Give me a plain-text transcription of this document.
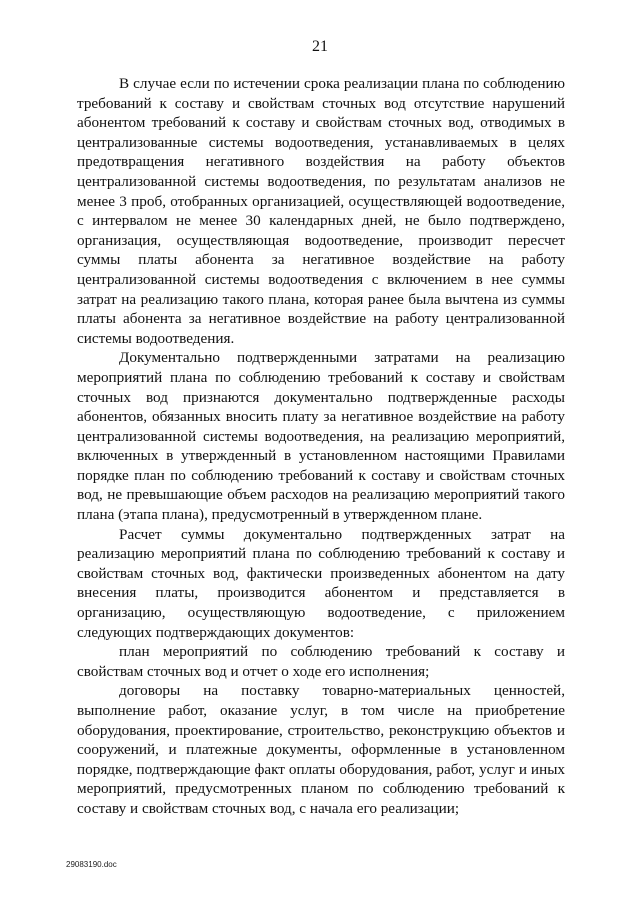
21

В случае если по истечении срока реализации плана по соблюдению требований к составу и свойствам сточных вод отсутствие нарушений абонентом требований к составу и свойствам сточных вод, отводимых в централизованные системы водоотведения, устанавливаемых в целях предотвращения негативного воздействия на работу объектов централизованной системы водоотведения, по результатам анализов не менее 3 проб, отобранных организацией, осуществляющей водоотведение, с интервалом не менее 30 календарных дней, не было подтверждено, организация, осуществляющая водоотведение, производит пересчет суммы платы абонента за негативное воздействие на работу централизованной системы водоотведения с включением в нее суммы затрат на реализацию такого плана, которая ранее была вычтена из суммы платы абонента за негативное воздействие на работу централизованной системы водоотведения.

Документально подтвержденными затратами на реализацию мероприятий плана по соблюдению требований к составу и свойствам сточных вод признаются документально подтвержденные расходы абонентов, обязанных вносить плату за негативное воздействие на работу централизованной системы водоотведения, на реализацию мероприятий, включенных в утвержденный в установленном настоящими Правилами порядке план по соблюдению требований к составу и свойствам сточных вод, не превышающие объем расходов на реализацию мероприятий такого плана (этапа плана), предусмотренный в утвержденном плане.

Расчет суммы документально подтвержденных затрат на реализацию мероприятий плана по соблюдению требований к составу и свойствам сточных вод, фактически произведенных абонентом на дату внесения платы, производится абонентом и представляется в организацию, осуществляющую водоотведение, с приложением следующих подтверждающих документов:

план мероприятий по соблюдению требований к составу и свойствам сточных вод и отчет о ходе его исполнения;

договоры на поставку товарно-материальных ценностей, выполнение работ, оказание услуг, в том числе на приобретение оборудования, проектирование, строительство, реконструкцию объектов и сооружений, и платежные документы, оформленные в установленном порядке, подтверждающие факт оплаты оборудования, работ, услуг и иных мероприятий, предусмотренных планом по соблюдению требований к составу и свойствам сточных вод, с начала его реализации;

29083190.doc
